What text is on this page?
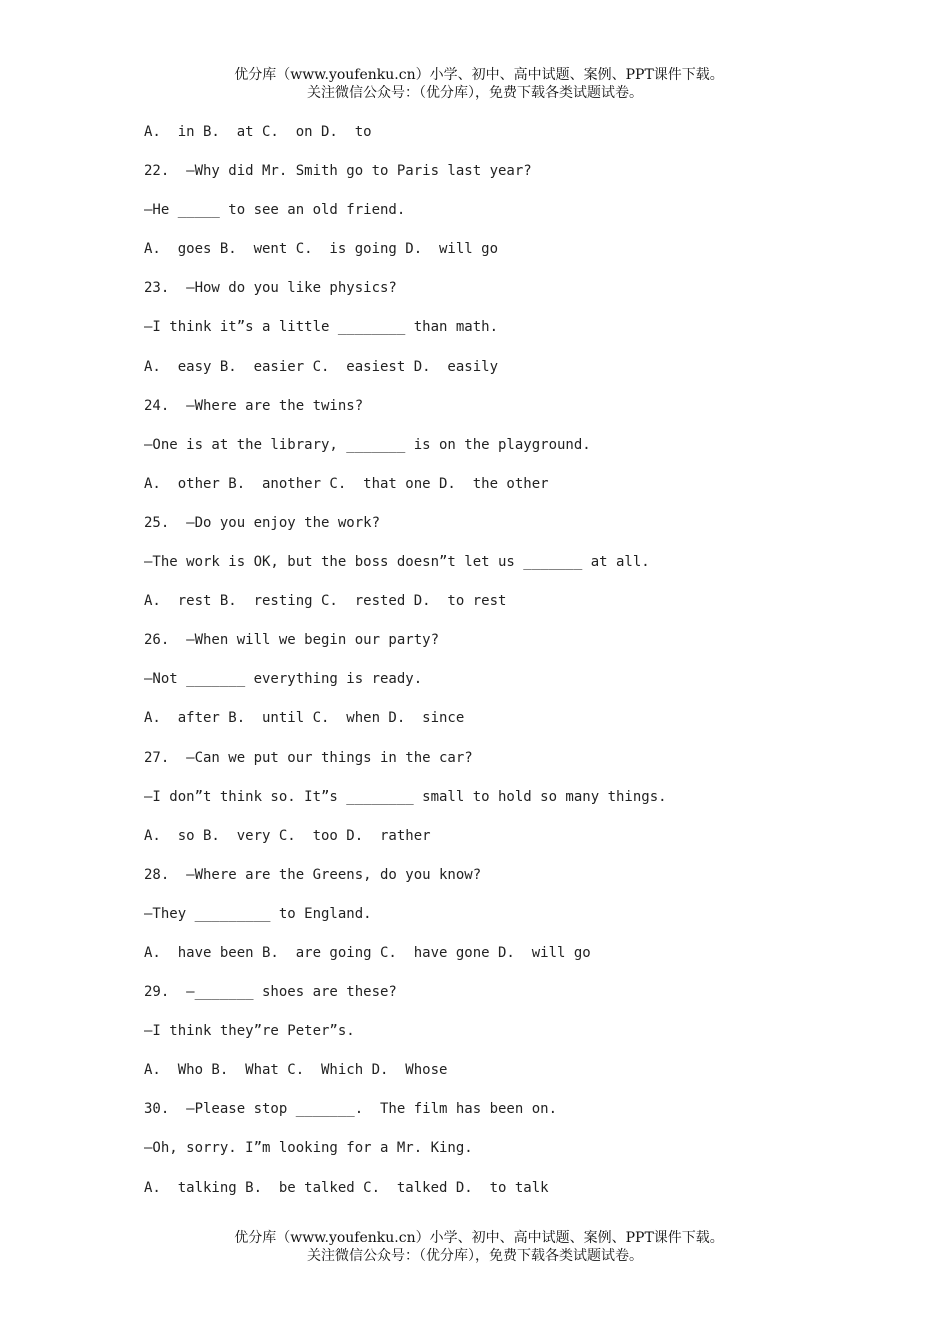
优分库（www.youfenku.cn）小学、初中、高中试题、案例、PPT课件下载。
关注微信公众号：（优分库），免费下载各类试题试卷。
A.  in B.  at C.  on D.  to
22.  —Why did Mr. Smith go to Paris last year?
—He _____ to see an old friend.
A.  goes B.  went C.  is going D.  will go
23.  —How do you like physics?
—I think it”s a little ________ than math.
A.  easy B.  easier C.  easiest D.  easily
24.  —Where are the twins?
—One is at the library, _______ is on the playground.
A.  other B.  another C.  that one D.  the other
25.  —Do you enjoy the work?
—The work is OK, but the boss doesn”t let us _______ at all.
A.  rest B.  resting C.  rested D.  to rest
26.  —When will we begin our party?
—Not _______ everything is ready.
A.  after B.  until C.  when D.  since
27.  —Can we put our things in the car?
—I don”t think so. It”s ________ small to hold so many things.
A.  so B.  very C.  too D.  rather
28.  —Where are the Greens, do you know?
—They _________ to England.
A.  have been B.  are going C.  have gone D.  will go
29.  —_______ shoes are these?
—I think they”re Peter”s.
A.  Who B.  What C.  Which D.  Whose
30.  —Please stop _______.  The film has been on.
—Oh, sorry. I”m looking for a Mr. King.
A.  talking B.  be talked C.  talked D.  to talk
优分库（www.youfenku.cn）小学、初中、高中试题、案例、PPT课件下载。
关注微信公众号：（优分库），免费下载各类试题试卷。
